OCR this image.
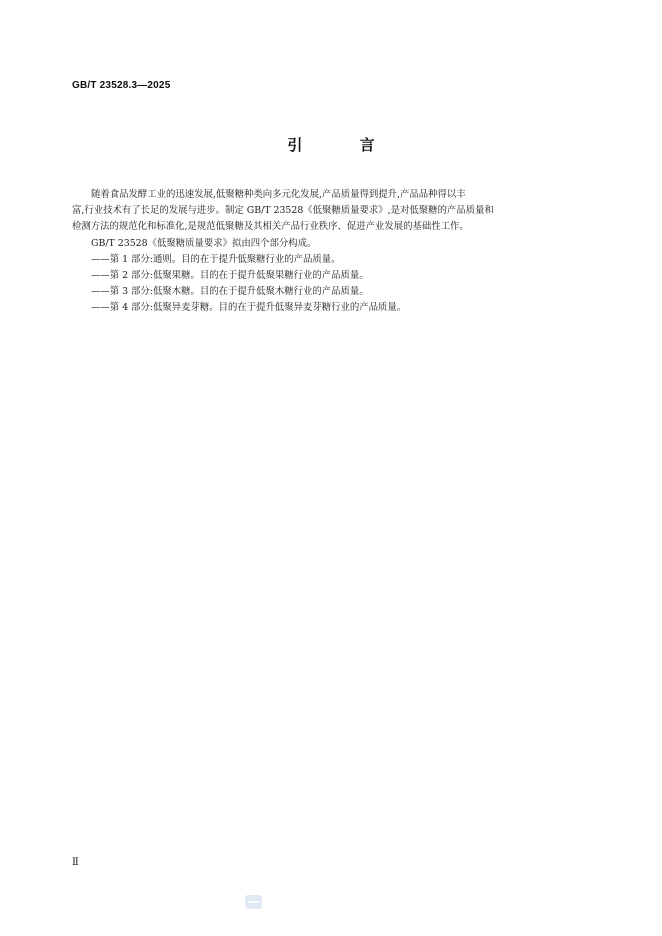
GB/T 23528.3—2025
引 言

随着食品发酵工业的迅速发展,低聚糖种类向多元化发展,产品质量得到提升,产品品种得以丰
富,行业技术有了长足的发展与进步。制定 GB/T 23528《低聚糖质量要求》,是对低聚糖的产品质量和
检测方法的规范化和标准化,是规范低聚糖及其相关产品行业秩序、促进产业发展的基础性工作。

GB/T 23528《低聚糖质量要求》拟由四个部分构成。

——第 1 部分:通则。目的在于提升低聚糖行业的产品质量。

——第 2 部分:低聚果糖。目的在于提升低聚果糖行业的产品质量。

——第 3 部分:低聚木糖。目的在于提升低聚木糖行业的产品质量。

——第 4 部分:低聚异麦芽糖。目的在于提升低聚异麦芽糖行业的产品质量。

Ⅱ
